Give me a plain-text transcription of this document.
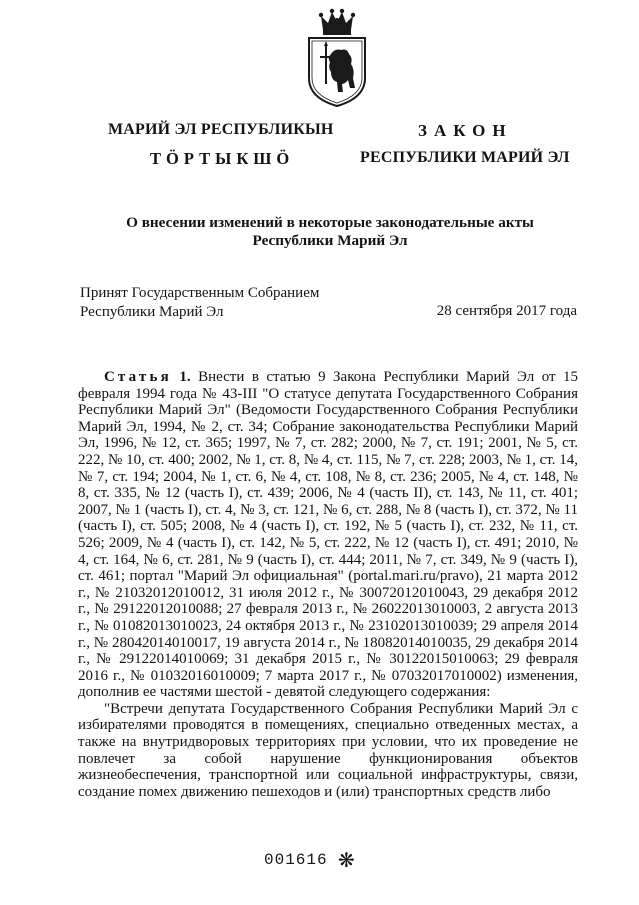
МАРИЙ ЭЛ РЕСПУБЛИКЫН
ТӦРТЫКШӦ
ЗАКОН
РЕСПУБЛИКИ МАРИЙ ЭЛ
О внесении изменений в некоторые законодательные акты
Республики Марий Эл
Принят Государственным Собранием
Республики Марий Эл	28 сентября 2017 года

Статья 1. Внести в статью 9 Закона Республики Марий Эл от 15 февраля 1994 года № 43-III "О статусе депутата Государственного Собрания Республики Марий Эл" (Ведомости Государственного Собрания Республики Марий Эл, 1994, № 2, ст. 34; Собрание законодательства Республики Марий Эл, 1996, № 12, ст. 365; 1997, № 7, ст. 282; 2000, № 7, ст. 191; 2001, № 5, ст. 222, № 10, ст. 400; 2002, № 1, ст. 8, № 4, ст. 115, № 7, ст. 228; 2003, № 1, ст. 14, № 7, ст. 194; 2004, № 1, ст. 6, № 4, ст. 108, № 8, ст. 236; 2005, № 4, ст. 148, № 8, ст. 335, № 12 (часть I), ст. 439; 2006, № 4 (часть II), ст. 143, № 11, ст. 401; 2007, № 1 (часть I), ст. 4, № 3, ст. 121, № 6, ст. 288, № 8 (часть I), ст. 372, № 11 (часть I), ст. 505; 2008, № 4 (часть I), ст. 192, № 5 (часть I), ст. 232, № 11, ст. 526; 2009, № 4 (часть I), ст. 142, № 5, ст. 222, № 12 (часть I), ст. 491; 2010, № 4, ст. 164, № 6, ст. 281, № 9 (часть I), ст. 444; 2011, № 7, ст. 349, № 9 (часть I), ст. 461; портал "Марий Эл официальная" (portal.mari.ru/pravo), 21 марта 2012 г., № 21032012010012, 31 июля 2012 г., № 30072012010043, 29 декабря 2012 г., № 29122012010088; 27 февраля 2013 г., № 26022013010003, 2 августа 2013 г., № 01082013010023, 24 октября 2013 г., № 23102013010039; 29 апреля 2014 г., № 28042014010017, 19 августа 2014 г., № 18082014010035, 29 декабря 2014 г., № 29122014010069; 31 декабря 2015 г., № 30122015010063; 29 февраля 2016 г., № 01032016010009; 7 марта 2017 г., № 07032017010002) изменения, дополнив ее частями шестой - девятой следующего содержания:

"Встречи депутата Государственного Собрания Республики Марий Эл с избирателями проводятся в помещениях, специально отведенных местах, а также на внутридворовых территориях при условии, что их проведение не повлечет за собой нарушение функционирования объектов жизнеобеспечения, транспортной или социальной инфраструктуры, связи, создание помех движению пешеходов и (или) транспортных средств либо

001616 ❋
